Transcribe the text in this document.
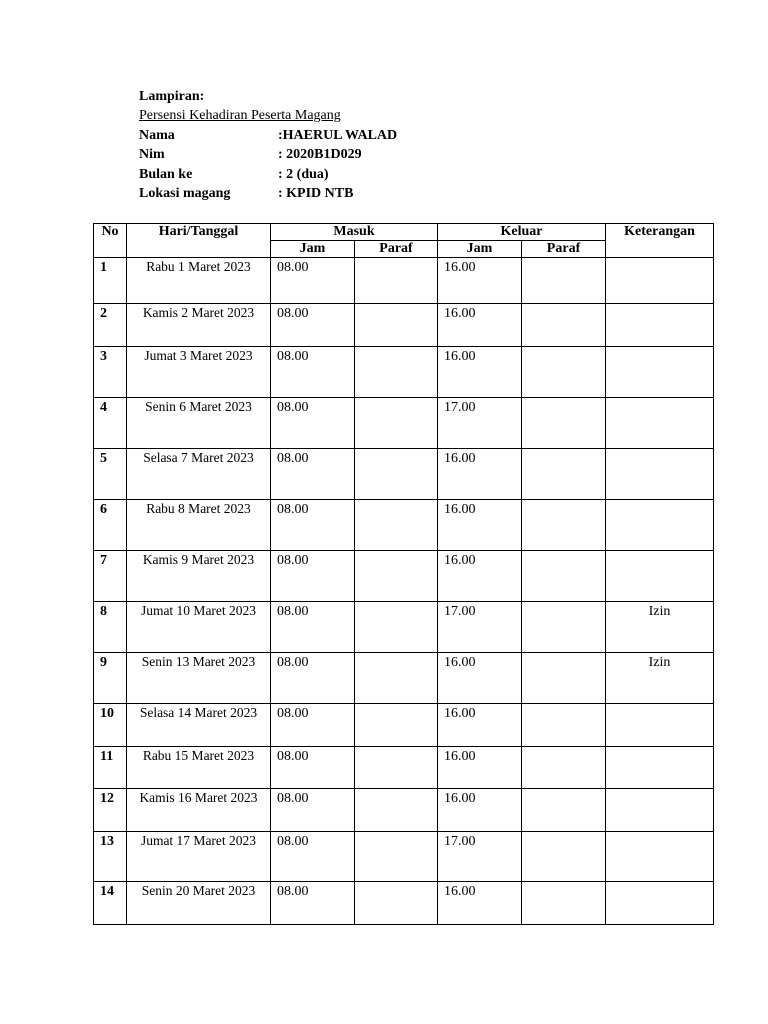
Lampiran:
Persensi Kehadiran Peserta Magang
Nama	:HAERUL WALAD
Nim	: 2020B1D029
Bulan ke	: 2 (dua)
Lokasi magang	: KPID NTB
No	Hari/Tanggal	Masuk		Keluar		Keterangan
		Jam	Paraf	Jam	Paraf	
1	Rabu 1 Maret 2023	08.00		16.00		
2	Kamis 2 Maret 2023	08.00		16.00		
3	Jumat 3 Maret 2023	08.00		16.00		
4	Senin 6 Maret 2023	08.00		17.00		
5	Selasa 7 Maret 2023	08.00		16.00		
6	Rabu 8 Maret 2023	08.00		16.00		
7	Kamis 9 Maret 2023	08.00		16.00		
8	Jumat 10 Maret 2023	08.00		17.00		Izin
9	Senin 13 Maret 2023	08.00		16.00		Izin
10	Selasa 14 Maret 2023	08.00		16.00		
11	Rabu 15 Maret 2023	08.00		16.00		
12	Kamis 16 Maret 2023	08.00		16.00		
13	Jumat 17 Maret 2023	08.00		17.00		
14	Senin 20 Maret 2023	08.00		16.00		
